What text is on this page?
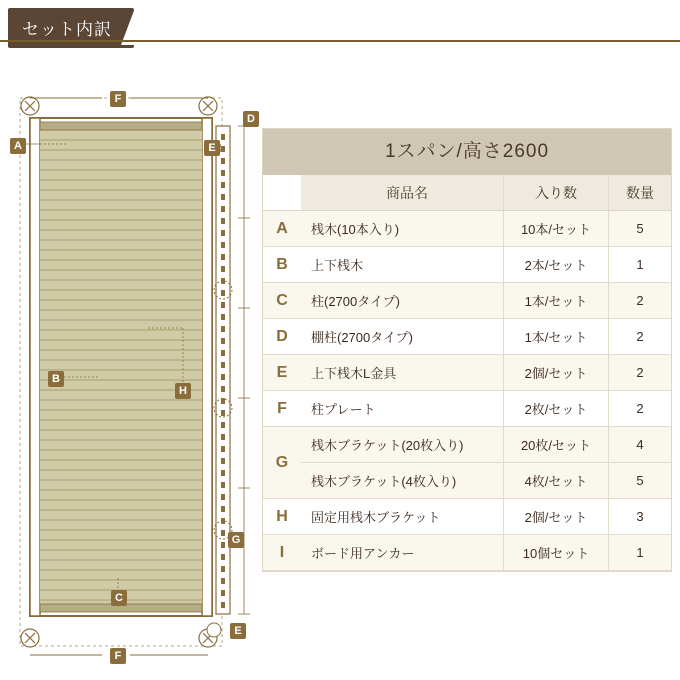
セット内訳
F
D
A	E
B
H
G
C
E
F
1スパン/高さ2600
	商品名	入り数	数量
A	桟木(10本入り)	10本/セット	5
B	上下桟木	2本/セット	1
C	柱(2700タイプ)	1本/セット	2
D	棚柱(2700タイプ)	1本/セット	2
E	上下桟木L金具	2個/セット	2
F	柱プレート	2枚/セット	2
G	桟木ブラケット(20枚入り)	20枚/セット	4
	桟木ブラケット(4枚入り)	4枚/セット	5
H	固定用桟木ブラケット	2個/セット	3
I	ボード用アンカー	10個セット	1
